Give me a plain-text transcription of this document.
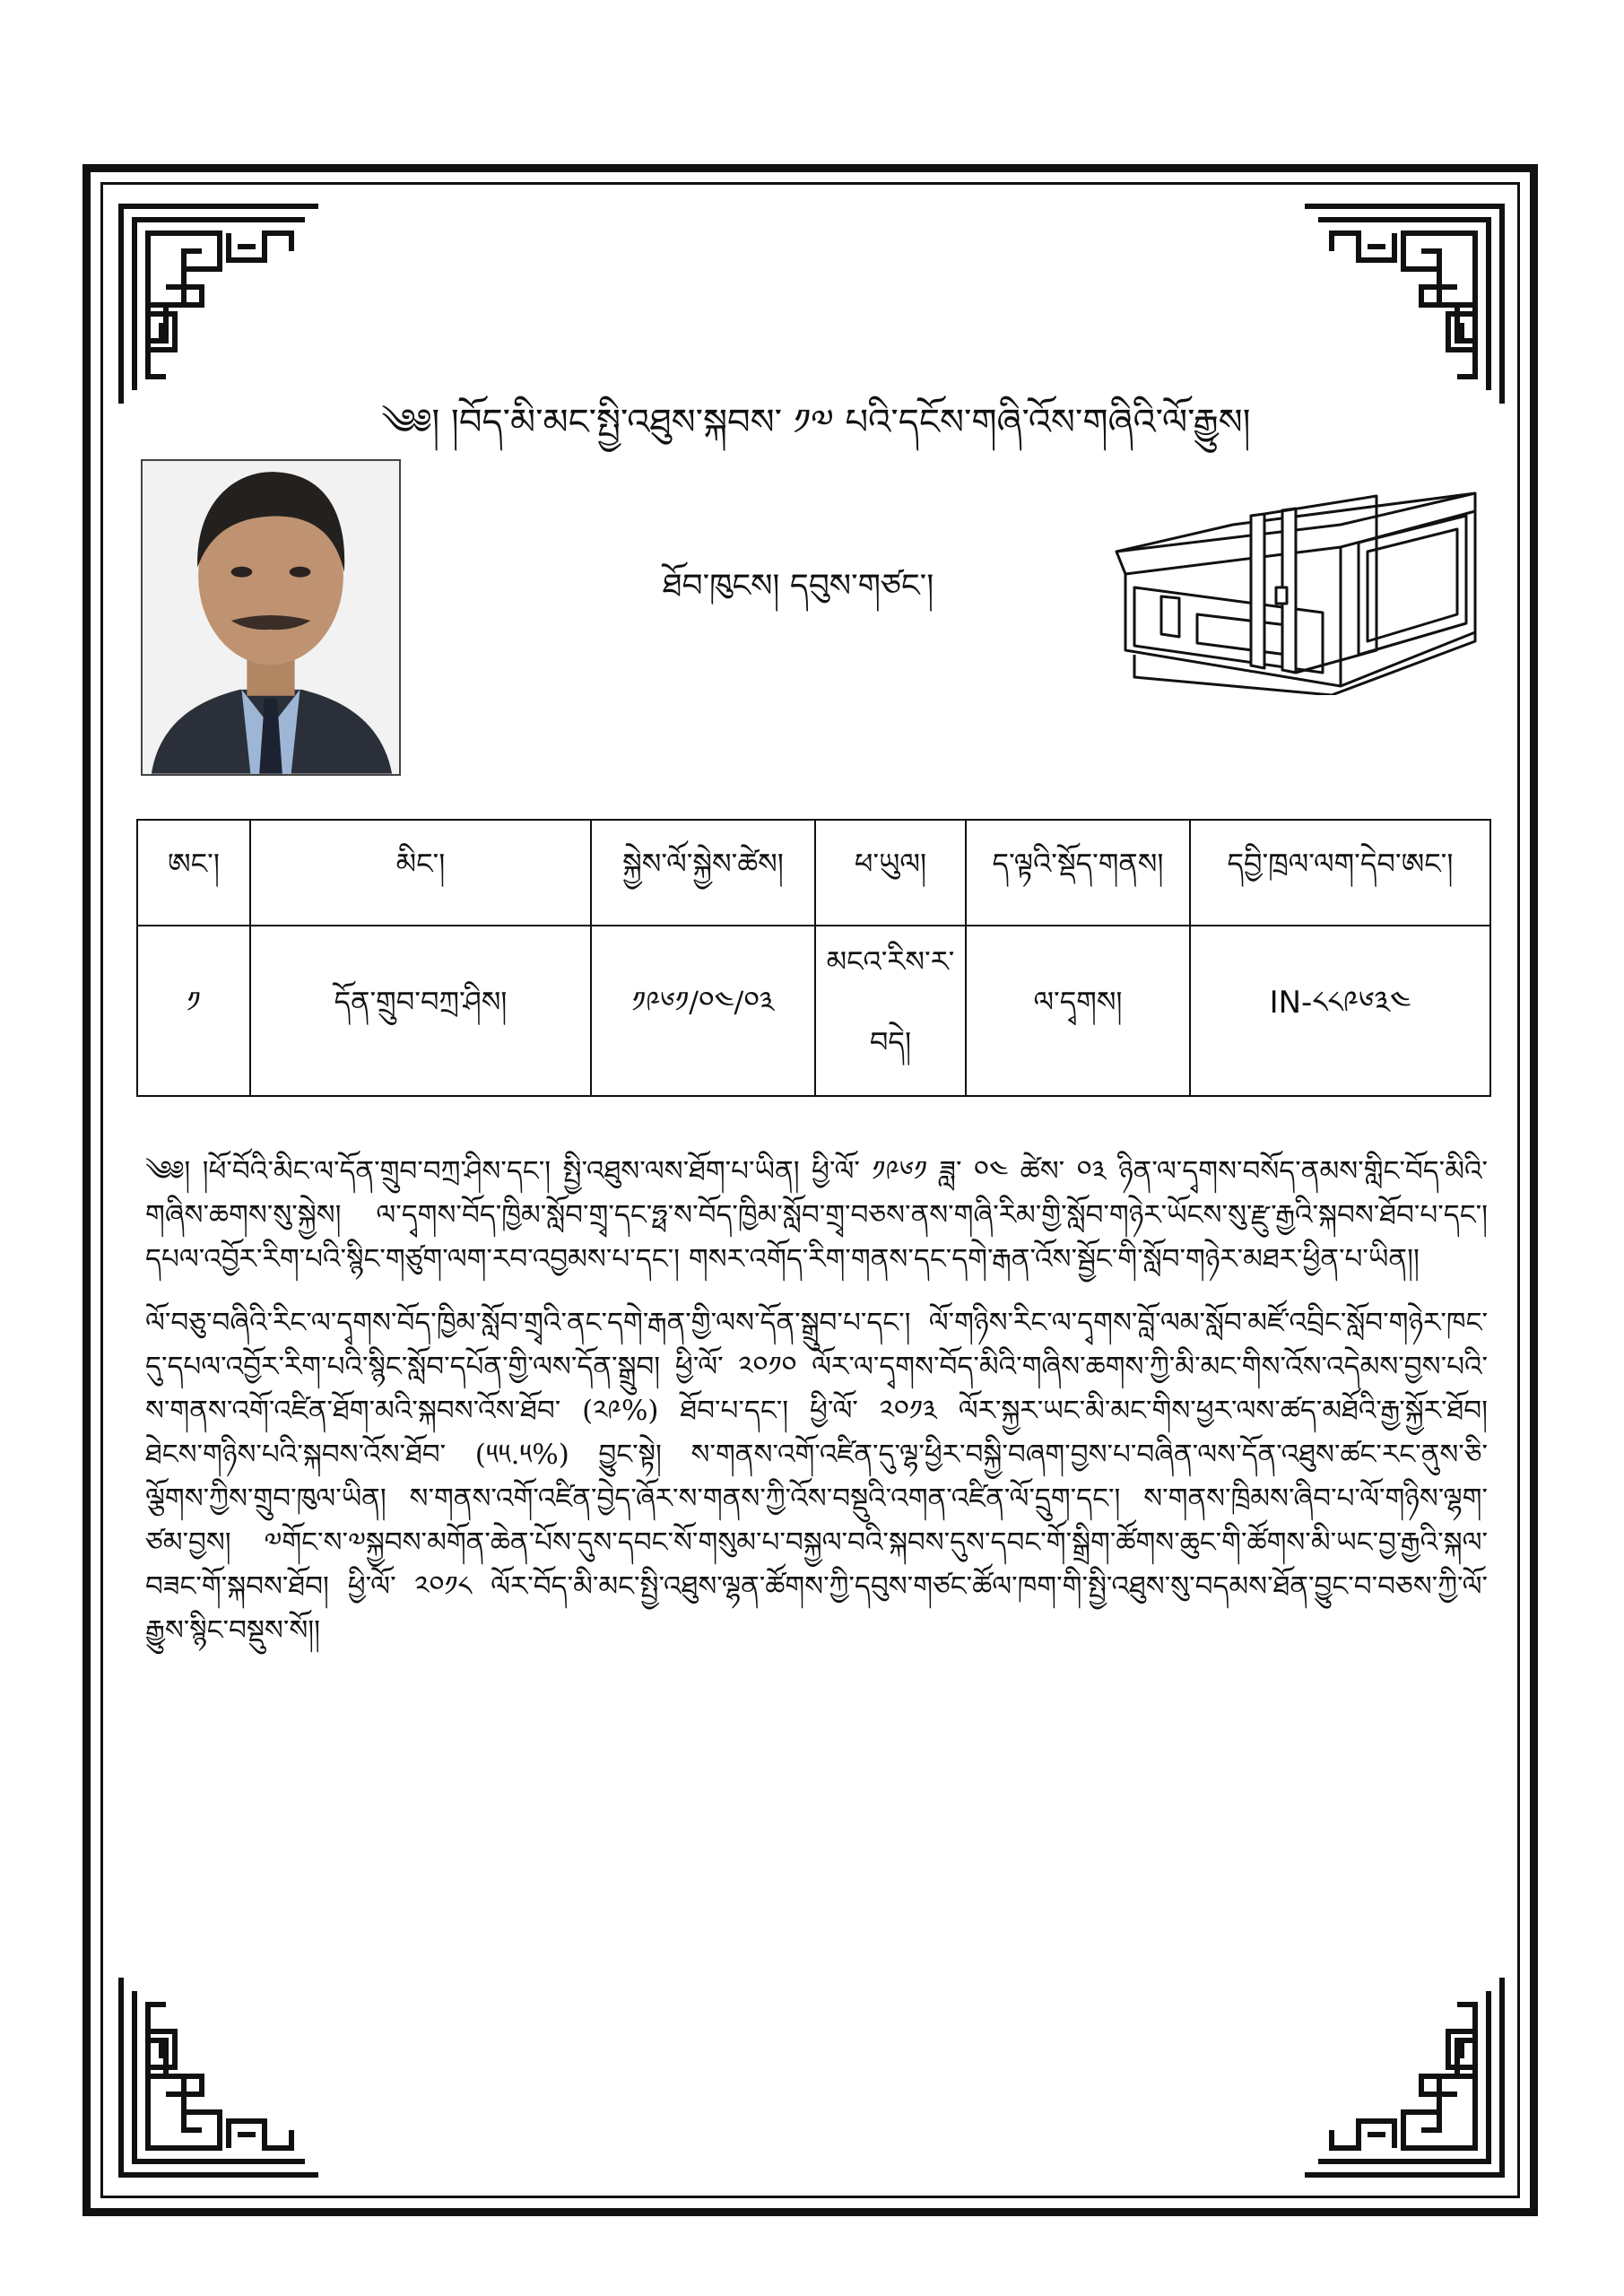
༄༅། །བོད་མི་མང་སྤྱི་འཐུས་སྐབས་ ༡༧ པའི་དངོས་གཞི་འོས་གཞིའི་ལོ་རྒྱུས།
ཐོབ་ཁུངས། དབུས་གཙང་།
ཨང་།	མིང་།	སྐྱེས་ལོ་སྐྱེས་ཚེས།	ཕ་ཡུལ།	ད་ལྟའི་སྡོད་གནས།	དབྱི་ཁྲལ་ལག་དེབ་ཨང་།
༡	དོན་གྲུབ་བཀྲ་ཤིས།	༡༩༦༡/༠༤/༠༣	མངའ་རིས་ར་བདེ།	ལ་དྭགས།	IN-༨༨༩༦༣༤

༄༅། །ཕོ་བོའི་མིང་ལ་དོན་གྲུབ་བཀྲ་ཤིས་དང་། སྤྱི་འཐུས་ལས་ཐོག་པ་ཡིན། ཕྱི་ལོ་ ༡༩༦༡ ཟླ་ ༠༤ ཚེས་ ༠༣ ཉིན་ལ་དྭགས་བསོད་ནམས་གླིང་བོད་མིའི་གཞིས་ཆགས་སུ་སྐྱེས། ལ་དྭགས་བོད་ཁྱིམ་སློབ་གྲྭ་དང་ཧྥ་ས་བོད་ཁྱིམ་སློབ་གྲྭ་བཅས་ནས་གཞི་རིམ་གྱི་སློབ་གཉེར་ཡོངས་སུ་རྫུ་རྒྱའི་སྐབས་ཐོབ་པ་དང་། དཔལ་འབྱོར་རིག་པའི་སྙིང་གཙུག་ལག་རབ་འབྱམས་པ་དང་། གསར་འགོད་རིག་གནས་དང་དགེ་རྒན་འོས་སྦྱོང་གི་སློབ་གཉེར་མཐར་ཕྱིན་པ་ཡིན།།

ལོ་བཅུ་བཞིའི་རིང་ལ་དྭགས་བོད་ཁྱིམ་སློབ་གྲྭའི་ནང་དགེ་རྒན་གྱི་ལས་དོན་སྒྲུབ་པ་དང་། ལོ་གཉིས་རིང་ལ་དྭགས་བློ་ལམ་སློབ་མཛོ་འབྲིང་སློབ་གཉེར་ཁང་དུ་དཔལ་འབྱོར་རིག་པའི་སྙིང་སློབ་དཔོན་གྱི་ལས་དོན་སྒྲུབ། ཕྱི་ལོ་ ༢༠༡༠ ལོར་ལ་དྭགས་བོད་མིའི་གཞིས་ཆགས་ཀྱི་མི་མང་གིས་འོས་འདེམས་བྱས་པའི་ས་གནས་འགོ་འཛིན་ཐོག་མའི་སྐབས་འོས་ཐོབ་ (༢༩%) ཐོབ་པ་དང་། ཕྱི་ལོ་ ༢༠༡༣ ལོར་སྐྱར་ཡང་མི་མང་གིས་ཕྱར་ལས་ཚད་མཐོའི་རྒྱ་སྐྱོར་ཐོབ། ཐེངས་གཉིས་པའི་སྐབས་འོས་ཐོབ་ (༥༥.༥%) བྱུང་སྟེ། ས་གནས་འགོ་འཛིན་དུ་ལྷ་ཕྱིར་བསྐྱི་བཞག་བྱས་པ་བཞིན་ལས་དོན་འཐུས་ཚང་རང་ནུས་ཅི་ལྕོགས་ཀྱིས་གྲུབ་ཁུལ་ཡིན། ས་གནས་འགོ་འཛིན་བྱེད་ཞོར་ས་གནས་ཀྱི་འོས་བསྡུའི་འགན་འཛིན་ལོ་དྲུག་དང་། ས་གནས་ཁྲིམས་ཞིབ་པ་ལོ་གཉིས་ལྷག་ཙམ་བྱས། ༧གོང་ས་༧སྐྱབས་མགོན་ཆེན་པོས་དུས་དབང་སོ་གསུམ་པ་བསྐྱལ་བའི་སྐབས་དུས་དབང་གོ་སྒྲིག་ཚོགས་ཆུང་གི་ཚོགས་མི་ཡང་བྱ་རྒྱའི་སྐལ་བཟང་གོ་སྐབས་ཐོབ། ཕྱི་ལོ་ ༢༠༡༨ ལོར་བོད་མི་མང་སྤྱི་འཐུས་ལྷན་ཚོགས་ཀྱི་དབུས་གཙང་ཚོལ་ཁག་གི་སྤྱི་འཐུས་སུ་བདམས་ཐོན་བྱུང་བ་བཅས་ཀྱི་ལོ་རྒྱུས་སྙིང་བསྡུས་སོ།།
